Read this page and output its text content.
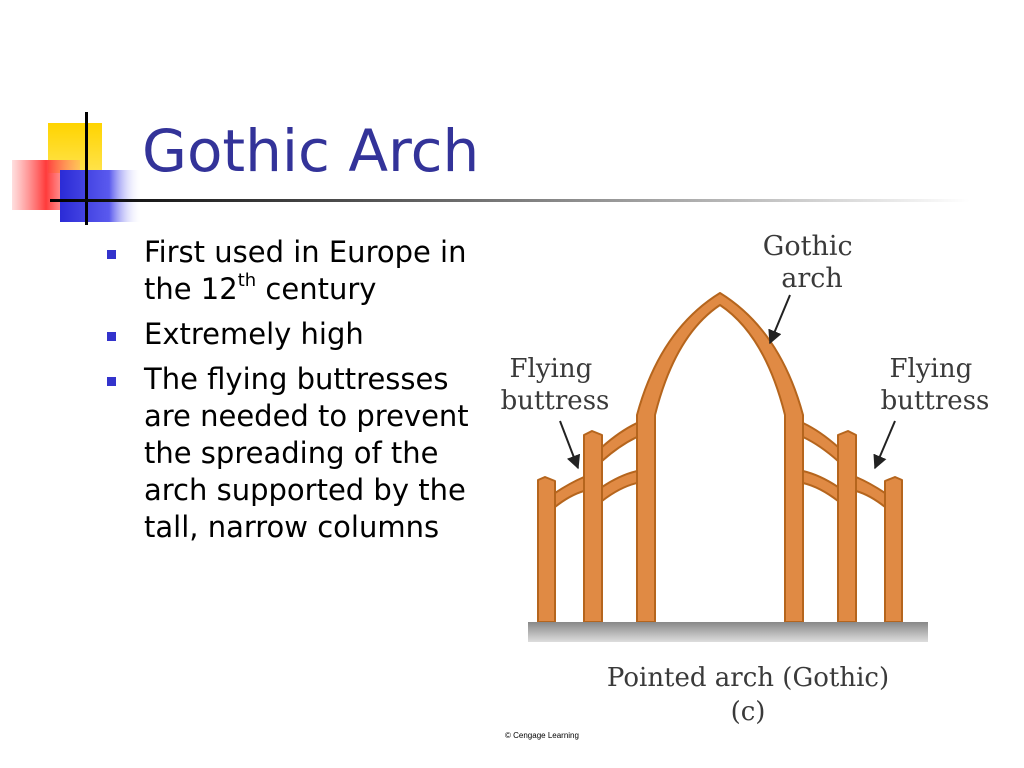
Gothic Arch
First used in Europe in the 12th century
Extremely high
The flying buttresses are needed to prevent the spreading of the arch supported by the tall, narrow columns
Gothic arch
Flying buttress
Flying buttress
Pointed arch (Gothic)
(c)
© Cengage Learning
